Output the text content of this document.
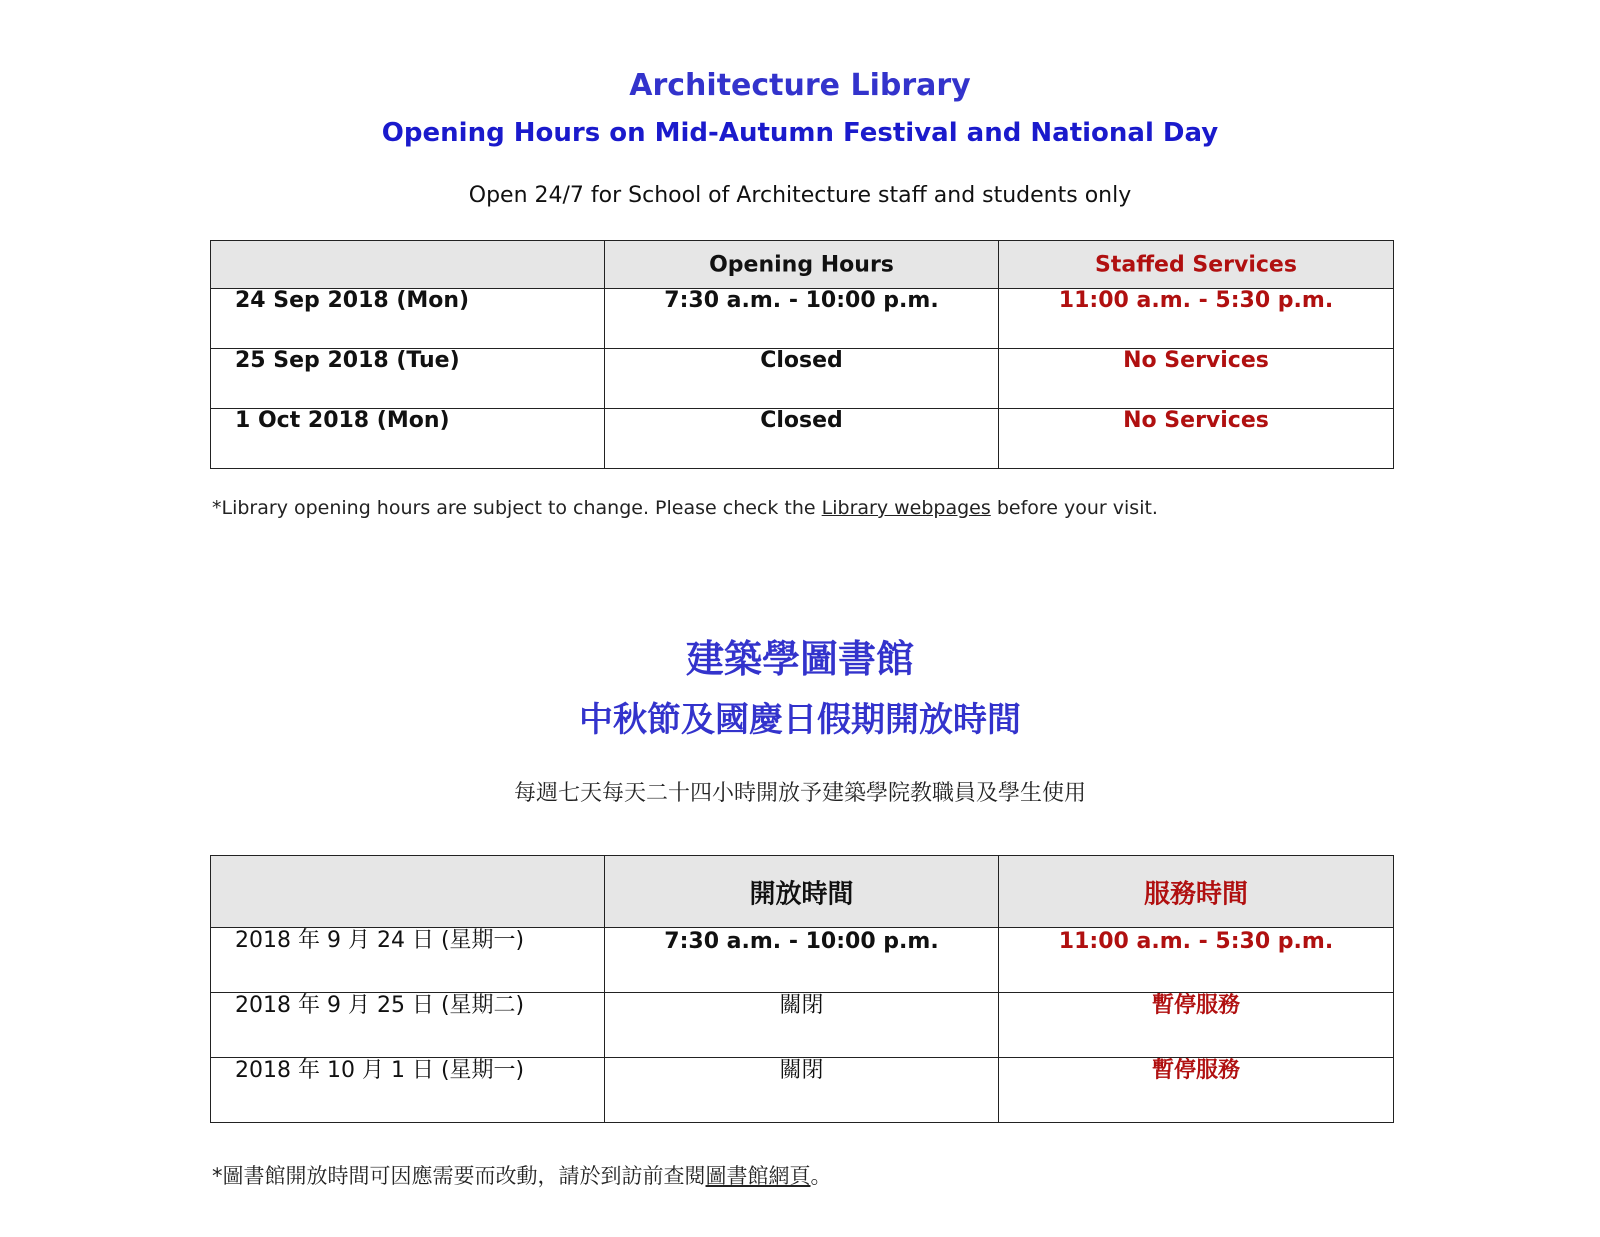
Architecture Library
Opening Hours on Mid-Autumn Festival and National Day
Open 24/7 for School of Architecture staff and students only

	Opening Hours	Staffed Services

24 Sep 2018 (Mon)	7:30 a.m. - 10:00 p.m.	11:00 a.m. - 5:30 p.m.

25 Sep 2018 (Tue)	Closed	No Services

1 Oct 2018 (Mon)	Closed	No Services
*Library opening hours are subject to change. Please check the Library webpages before your visit.
建築學圖書館
中秋節及國慶日假期開放時間
每週七天每天二十四小時開放予建築學院教職員及學生使用

	開放時間	服務時間

2018 年 9 月 24 日 (星期一)	7:30 a.m. - 10:00 p.m.	11:00 a.m. - 5:30 p.m.

2018 年 9 月 25 日 (星期二)	關閉	暫停服務

2018 年 10 月 1 日 (星期一)	關閉	暫停服務
*圖書館開放時間可因應需要而改動，請於到訪前查閱圖書館網頁。
